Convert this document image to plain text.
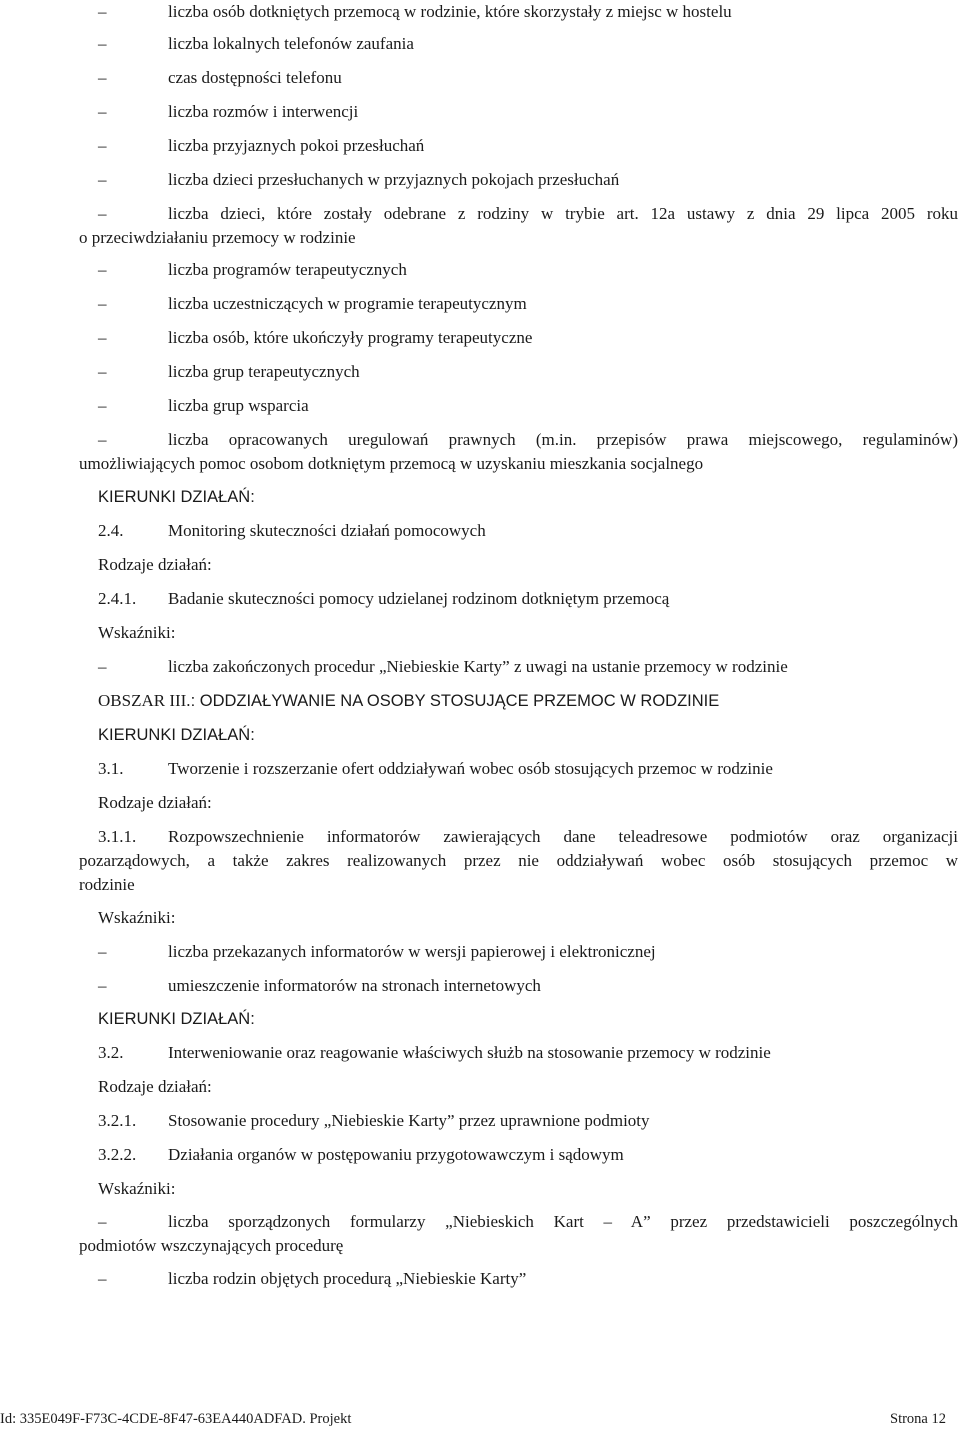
–	liczba osób dotkniętych przemocą w rodzinie, które skorzystały z miejsc w hostelu
–	liczba lokalnych telefonów zaufania
–	czas dostępności telefonu
–	liczba rozmów i interwencji
–	liczba przyjaznych pokoi przesłuchań
–	liczba dzieci przesłuchanych w przyjaznych pokojach przesłuchań
–	liczba dzieci, które zostały odebrane z rodziny w trybie art. 12a ustawy z dnia 29 lipca 2005 roku
o przeciwdziałaniu przemocy w rodzinie
–	liczba programów terapeutycznych
–	liczba uczestniczących w programie terapeutycznym
–	liczba osób, które ukończyły programy terapeutyczne
–	liczba grup terapeutycznych
–	liczba grup wsparcia
–	liczba opracowanych uregulowań prawnych (m.in. przepisów prawa miejscowego, regulaminów)
umożliwiających pomoc osobom dotkniętym przemocą w uzyskaniu mieszkania socjalnego
KIERUNKI DZIAŁAŃ:
2.4.	Monitoring skuteczności działań pomocowych
Rodzaje działań:
2.4.1. Badanie skuteczności pomocy udzielanej rodzinom dotkniętym przemocą
Wskaźniki:
–	liczba zakończonych procedur „Niebieskie Karty” z uwagi na ustanie przemocy w rodzinie
OBSZAR III.: ODDZIAŁYWANIE NA OSOBY STOSUJĄCE PRZEMOC W RODZINIE
KIERUNKI DZIAŁAŃ:
3.1.	Tworzenie i rozszerzanie ofert oddziaływań wobec osób stosujących przemoc w rodzinie
Rodzaje działań:
3.1.1. Rozpowszechnienie informatorów zawierających dane teleadresowe podmiotów oraz organizacji
pozarządowych, a także zakres realizowanych przez nie oddziaływań wobec osób stosujących przemoc w
rodzinie
Wskaźniki:
–	liczba przekazanych informatorów w wersji papierowej i elektronicznej
–	umieszczenie informatorów na stronach internetowych
KIERUNKI DZIAŁAŃ:
3.2.	Interweniowanie oraz reagowanie właściwych służb na stosowanie przemocy w rodzinie
Rodzaje działań:
3.2.1. Stosowanie procedury „Niebieskie Karty” przez uprawnione podmioty
3.2.2. Działania organów w postępowaniu przygotowawczym i sądowym
Wskaźniki:
–	liczba sporządzonych formularzy „Niebieskich Kart – A” przez przedstawicieli poszczególnych
podmiotów wszczynających procedurę
–	liczba rodzin objętych procedurą „Niebieskie Karty”
Id: 335E049F-F73C-4CDE-8F47-63EA440ADFAD. Projekt	Strona 12
